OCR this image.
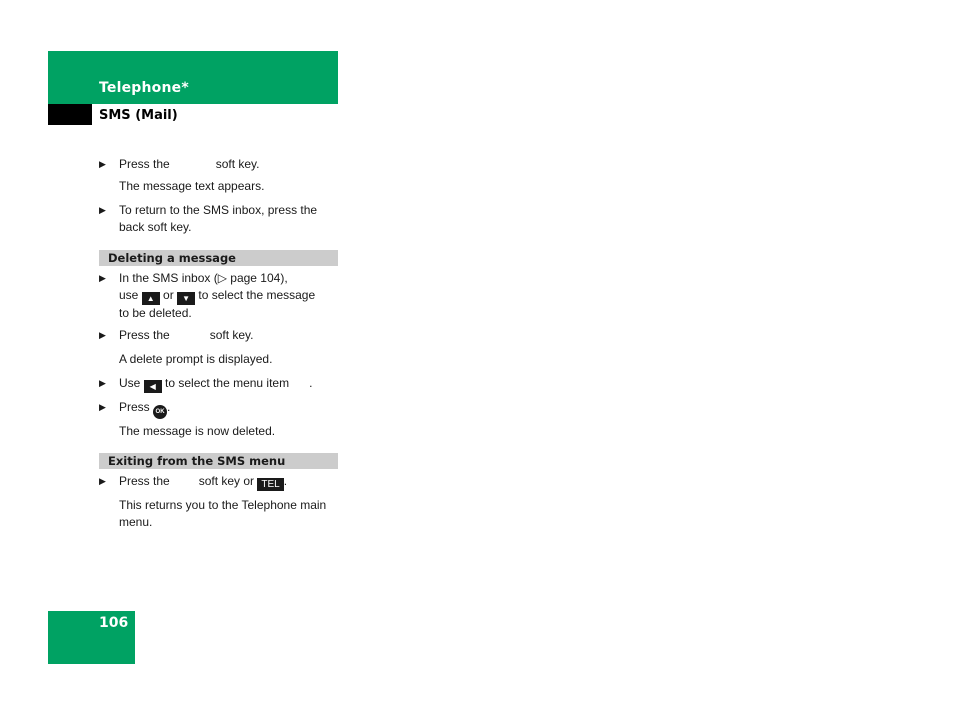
Telephone*
SMS (Mail)
▶ Press the	soft key.
The message text appears.
▶ To return to the SMS inbox, press the back soft key.
Deleting a message
▶ In the SMS inbox (▷ page 104),
use ▲ or ▼ to select the message
to be deleted.
▶ Press the	soft key.
A delete prompt is displayed.
▶ Use ◀ to select the menu item .
▶ Press OK .
The message is now deleted.
Exiting from the SMS menu
▶ Press the soft key or TEL .
This returns you to the Telephone main menu.
106
